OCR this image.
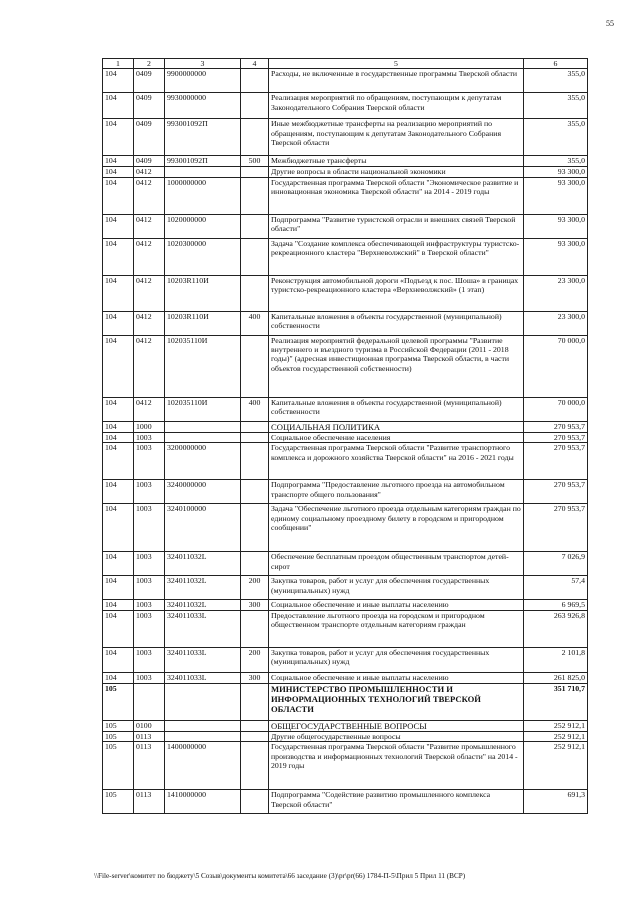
55
1	2	3	4	5	6
104	0409	9900000000		Расходы, не включенные в государственные программы Тверской области	355,0
104	0409	9930000000		Реализация мероприятий по обращениям, поступающим к депутатам Законодательного Собрания Тверской области	355,0
104	0409	993001092П		Иные межбюджетные трансферты на реализацию мероприятий по обращениям, поступающим к депутатам Законодательного Собрания Тверской области	355,0
104	0409	993001092П	500	Межбюджетные трансферты	355,0
104	0412			Другие вопросы в области национальной экономики	93 300,0
104	0412	1000000000		Государственная программа Тверской области "Экономическое развитие и инновационная экономика Тверской области" на 2014 - 2019 годы	93 300,0
104	0412	1020000000		Подпрограмма "Развитие туристской отрасли и внешних связей Тверской области"	93 300,0
104	0412	1020300000		Задача "Создание комплекса обеспечивающей инфраструктуры туристско-рекреационного кластера "Верхневолжский" в Тверской области"	93 300,0
104	0412	10203R110И		Реконструкция автомобильной дороги «Подъезд к пос. Шоша» в границах туристско-рекреационного кластера «Верхневолжский» (1 этап)	23 300,0
104	0412	10203R110И	400	Капитальные вложения в объекты государственной (муниципальной) собственности	23 300,0
104	0412	102035110И		Реализация мероприятий федеральной целевой программы "Развитие внутреннего и въездного туризма в Российской Федерации (2011 - 2018 годы)" (адресная инвестиционная программа Тверской области, в части объектов государственной собственности)	70 000,0
104	0412	102035110И	400	Капитальные вложения в объекты государственной (муниципальной) собственности	70 000,0
104	1000			СОЦИАЛЬНАЯ ПОЛИТИКА	270 953,7
104	1003			Социальное обеспечение населения	270 953,7
104	1003	3200000000		Государственная программа Тверской области "Развитие транспортного комплекса и дорожного хозяйства Тверской области" на 2016 - 2021 годы	270 953,7
104	1003	3240000000		Подпрограмма "Предоставление льготного проезда на автомобильном транспорте общего пользования"	270 953,7
104	1003	3240100000		Задача "Обеспечение льготного проезда отдельным категориям граждан по единому социальному проездному билету в городском и пригородном сообщении"	270 953,7
104	1003	324011032L		Обеспечение бесплатным проездом общественным транспортом детей-сирот	7 026,9
104	1003	324011032L	200	Закупка товаров, работ и услуг для обеспечения государственных (муниципальных) нужд	57,4
104	1003	324011032L	300	Социальное обеспечение и иные выплаты населению	6 969,5
104	1003	324011033L		Предоставление льготного проезда на городском и пригородном общественном транспорте отдельным категориям граждан	263 926,8
104	1003	324011033L	200	Закупка товаров, работ и услуг для обеспечения государственных (муниципальных) нужд	2 101,8
104	1003	324011033L	300	Социальное обеспечение и иные выплаты населению	261 825,0
105				МИНИСТЕРСТВО ПРОМЫШЛЕННОСТИ И ИНФОРМАЦИОННЫХ ТЕХНОЛОГИЙ ТВЕРСКОЙ ОБЛАСТИ	351 710,7
105	0100			ОБЩЕГОСУДАРСТВЕННЫЕ ВОПРОСЫ	252 912,1
105	0113			Другие общегосударственные вопросы	252 912,1
105	0113	1400000000		Государственная программа Тверской области "Развитие промышленного производства и информационных технологий Тверской области" на 2014 - 2019 годы	252 912,1
105	0113	1410000000		Подпрограмма "Содействие развитию промышленного комплекса Тверской области"	691,3
\\File-server\комитет по бюджету\5 Созыв\документы комитета\66 заседание (3)\pr\pr(66) 1784-П-5\Прил 5 Прил 11 (ВСР)
